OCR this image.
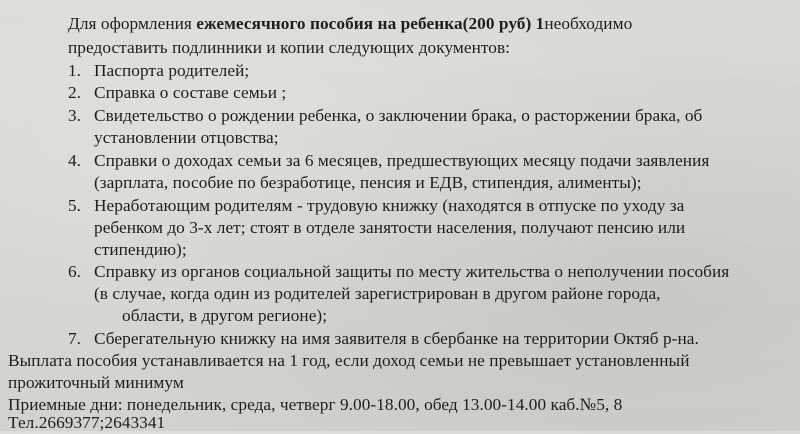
Для оформления ежемесячного пособия на ребенка(200 руб) 1необходимо
предоставить подлинники и копии следующих документов:
1. Паспорта родителей;
2. Справка о составе семьи ;
3. Свидетельство о рождении ребенка, о заключении брака, о расторжении брака, об
установлении отцовства;
4. Справки о доходах семьи за 6 месяцев, предшествующих месяцу подачи заявления
(зарплата, пособие по безработице, пенсия и ЕДВ, стипендия, алименты);
5. Неработающим родителям - трудовую книжку (находятся в отпуске по уходу за
ребенком до 3-х лет; стоят в отделе занятости населения, получают пенсию или
стипендию);
6. Справку из органов социальной защиты по месту жительства о неполучении пособия
(в случае, когда один из родителей зарегистрирован в другом районе города,
области, в другом регионе);
7. Сберегательную книжку на имя заявителя в сбербанке на территории Октяб р-на.
Выплата пособия устанавливается на 1 год, если доход семьи не превышает установленный
прожиточный минимум
Приемные дни: понедельник, среда, четверг 9.00-18.00, обед 13.00-14.00 каб.№5, 8
Тел.2669377;2643341
